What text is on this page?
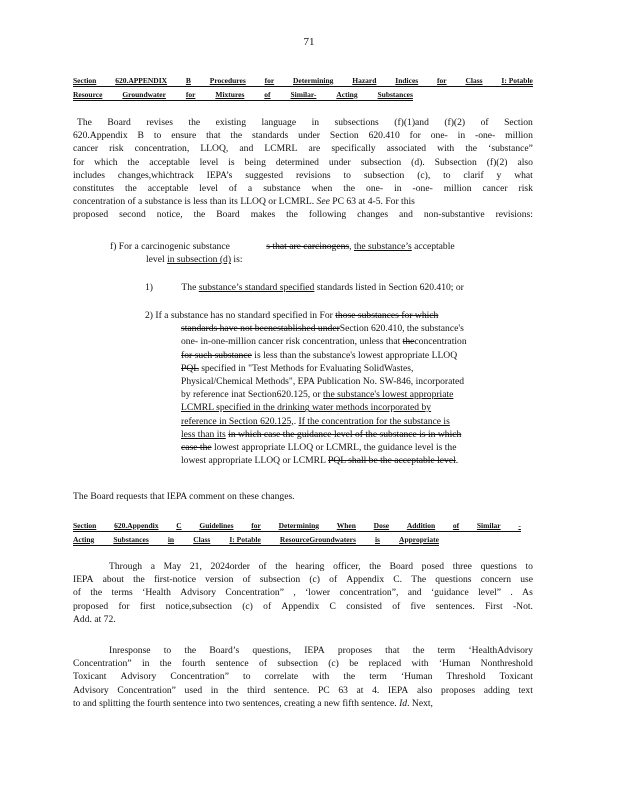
71
Section	620.APPENDIX	B	Procedures	for	Determining	Hazard	Indices	for	Class	I: Potable
Resource	Groundwater	for	Mixtures	of	Similar-	Acting	Substances
The Board revises the existing language in subsections (f)(1)and (f)(2) of Section
620.Appendix B to ensure that the standards under Section 620.410 for one- in -one- million
cancer risk concentration, LLOQ, and LCMRL are specifically associated with the ‘substance”
for which the acceptable level is being determined under subsection (d). Subsection (f)(2) also
includes changes,whichtrack IEPA’s suggested revisions to subsection (c), to clarif y what
constitutes the acceptable level of a substance when the one- in -one- million cancer risk
concentration of a substance is less than its LLOQ or LCMRL. See PC 63 at 4-5. For this
proposed second notice, the Board makes the following changes and non-substantive revisions:
f) For a carcinogenic substance	s that are carcinogens, the substance’s acceptable
level in subsection (d) is:
1)	The substance’s standard specified standards listed in Section 620.410; or
2) If a substance has no standard specified in For those substances for which
standards have not beenestablished underSection 620.410, the substance's
one- in-one-million cancer risk concentration, unless that theconcentration
for such substance is less than the substance's lowest appropriate LLOQ
PQL specified in "Test Methods for Evaluating SolidWastes,
Physical/Chemical Methods", EPA Publication No. SW-846, incorporated
by reference inat Section620.125, or the substance's lowest appropriate
LCMRL specified in the drinking water methods incorporated by
reference in Section 620.125,. If the concentration for the substance is
less than its in which case the guidance level of the substance is in which
case the lowest appropriate LLOQ or LCMRL, the guidance level is the
lowest appropriate LLOQ or LCMRL PQL shall be the acceptable level.
The Board requests that IEPA comment on these changes.
Section 620.Appendix C Guidelines for Determining When Dose Addition of Similar -
Acting	Substances	in	Class	I: Potable	ResourceGroundwaters	is	Appropriate
Through a May 21, 2024order of the hearing officer, the Board posed three questions to
IEPA about the first-notice version of subsection (c) of Appendix C. The questions concern use
of the terms ‘Health Advisory Concentration” , ‘lower concentration”, and ‘guidance level” . As
proposed for first notice,subsection (c) of Appendix C consisted of five sentences. First -Not.
Add. at 72.
Inresponse to the Board’s questions, IEPA proposes that the term ‘HealthAdvisory
Concentration” in the fourth sentence of subsection (c) be replaced with ‘Human Nonthreshold
Toxicant Advisory Concentration” to correlate with the term ‘Human Threshold Toxicant
Advisory Concentration” used in the third sentence. PC 63 at 4. IEPA also proposes adding text
to and splitting the fourth sentence into two sentences, creating a new fifth sentence. Id. Next,
